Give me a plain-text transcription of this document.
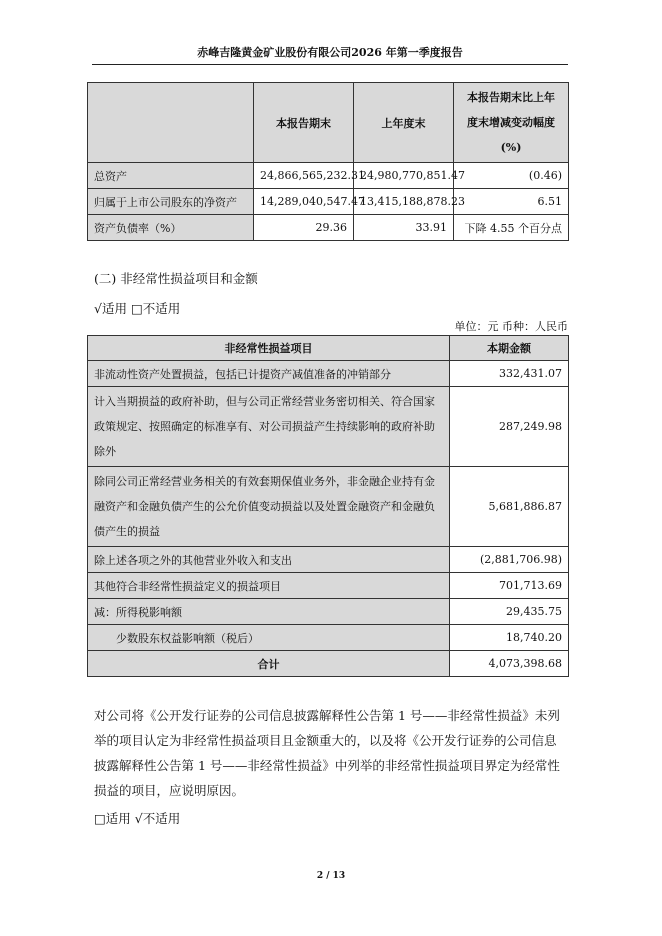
赤峰吉隆黄金矿业股份有限公司2026 年第一季度报告
	本报告期末	上年度末	本报告期末比上年
度末增减变动幅度
(%)

总资产	24,866,565,232.31	24,980,770,851.47	(0.46)
归属于上市公司股东的净资产	14,289,040,547.47	13,415,188,878.23	6.51
资产负债率（%）	29.36	33.91	下降 4.55 个百分点
(二) 非经常性损益项目和金额
√适用 □不适用
单位：元 币种：人民币
非经常性损益项目	本期金额
非流动性资产处置损益，包括已计提资产减值准备的冲销部分	332,431.07
计入当期损益的政府补助，但与公司正常经营业务密切相关、符合国家政策规定、按照确定的标准享有、对公司损益产生持续影响的政府补助除外	287,249.98
除同公司正常经营业务相关的有效套期保值业务外，非金融企业持有金融资产和金融负债产生的公允价值变动损益以及处置金融资产和金融负债产生的损益	5,681,886.87
除上述各项之外的其他营业外收入和支出	(2,881,706.98)
其他符合非经常性损益定义的损益项目	701,713.69
减：所得税影响额	29,435.75
少数股东权益影响额（税后）	18,740.20
合计	4,073,398.68
对公司将《公开发行证券的公司信息披露解释性公告第 1 号——非经常性损益》未列举的项目认定为非经常性损益项目且金额重大的，以及将《公开发行证券的公司信息披露解释性公告第 1 号——非经常性损益》中列举的非经常性损益项目界定为经常性损益的项目，应说明原因。
□适用 √不适用
2 / 13
